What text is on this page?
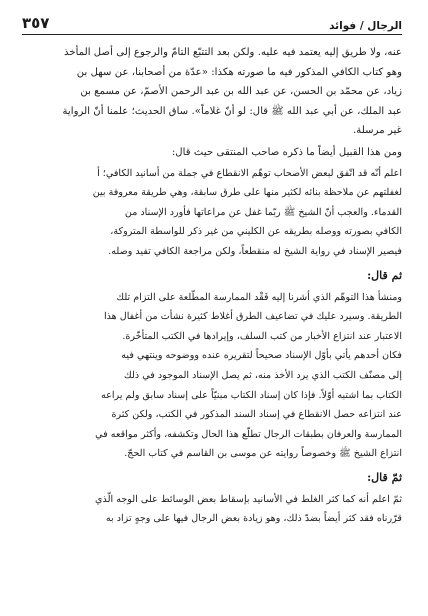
الرجال / فوائد
٣٥٧

عنه، ولا طريق إليه يعتمد فيه عليه. ولكن بعد التتبّع التامّ والرجوع إلى أصل المأخذ

وهو كتاب الكافي المذكور فيه ما صورته هكذا: «عدّة من أصحابنا، عن سهل بن

زياد، عن محمّد بن الحسن، عن عبد الله بن عبد الرحمن الأصمّ، عن مسمع بن

عبد الملك، عن أبي عبد الله ﷺ قال: لو أنّ غلاماً». ساق الحديث؛ علمنا أنّ الرواية

غير مرسلة.

ومن هذا القبيل أيضاً ما ذكره صاحب المنتقى حيث قال:

اعلم أنّه قد اتّفق لبعض الأصحاب توهّم الانقطاع في جملة من أسانيد الكافي؛ أ

لغفلتهم عن ملاحظة بنائه لكثير منها على طرق سابقة، وهي طريقة معروفة بين

القدماء. والعجب أنّ الشيخ ﷺ ربّما غفل عن مراعاتها فأورد الإسناد من

الكافي بصورته ووصله بطريقه عن الكليني من غير ذكر للواسطة المتروكة،

فيصير الإسناد في رواية الشيخ له منقطعاً، ولكن مراجعة الكافي تفيد وصله.

ثم قال:

ومنشأ هذا التوهّم الذي أشرنا إليه فَقْد الممارسة المطّلعة على التزام تلك

الطريقة. وسيرد عليك في تضاعيف الطرق أغلاط كثيرة نشأت من أغفال هذا

الاعتبار عند انتزاع الأخبار من كتب السلف، وإيرادها في الكتب المتأخّرة.

فكان أحدهم يأتي بأوّل الإسناد صحيحاً لتقريره عنده ووضوحه وينتهي فيه

إلى مصنّف الكتب الذي يرد الأخذ منه، ثم يصل الإسناد الموجود في ذلك

الكتاب بما اشتبه أوّلاً. فإذا كان إسناد الكتاب مبنيّاً على إسناد سابق ولم يراعه

عند انتزاعه حصل الانقطاع في إسناد السند المذكور في الكتب، ولكن كثرة

الممارسة والعرفان بطبقات الرجال تطلّع هذا الحال وتكشفه، وأكثر مواقعه في

انتزاع الشيخ ﷺ وخصوصاً روايته عن موسى بن القاسم في كتاب الحجّ.

ثمّ قال:

ثمّ اعلم أنه كما كثر الغلط في الأسانيد بإسقاط بعض الوسائط على الوجه الّذي

قرّرناه فقد كثر أيضاً بضدّ ذلك، وهو زيادة بعض الرجال فيها على وجهٍ تزاد به
